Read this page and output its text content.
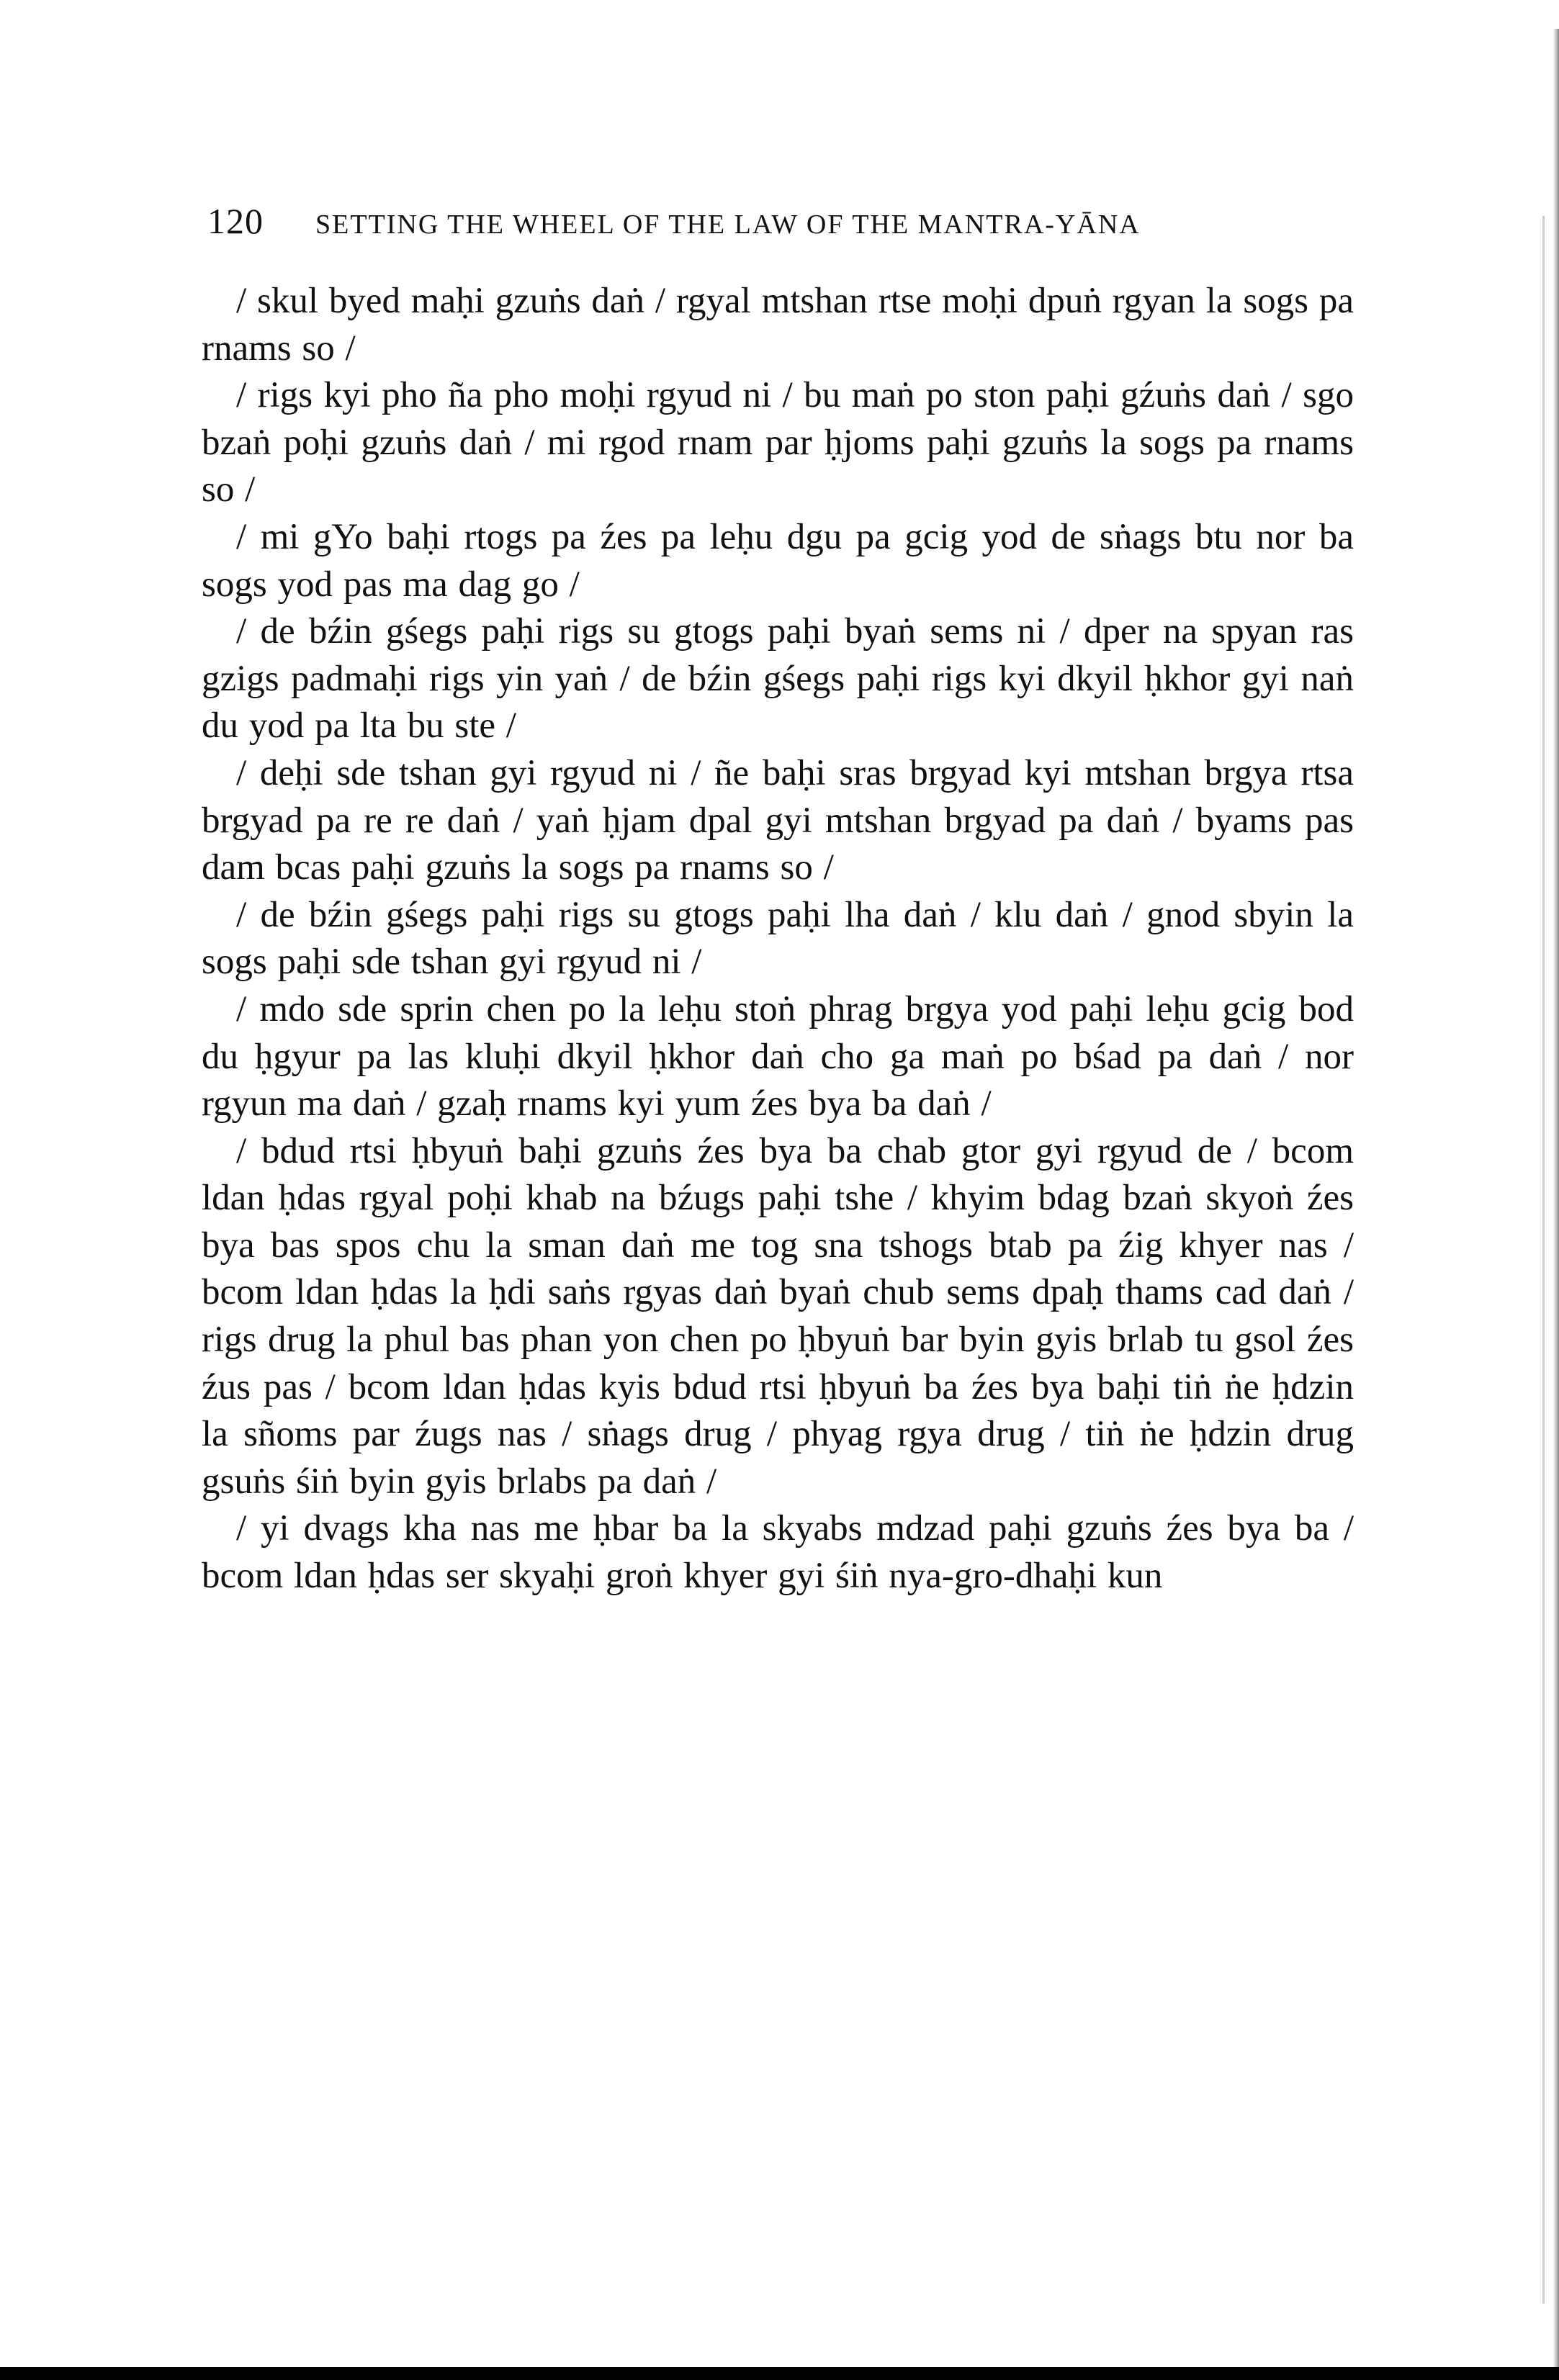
120 SETTING THE WHEEL OF THE LAW OF THE MANTRA-YĀNA

/ skul byed maḥi gzuṅs daṅ / rgyal mtshan rtse moḥi dpuṅ rgyan la sogs pa rnams so /

/ rigs kyi pho ña pho moḥi rgyud ni / bu maṅ po ston paḥi gźuṅs daṅ / sgo bzaṅ poḥi gzuṅs daṅ / mi rgod rnam par ḥjoms paḥi gzuṅs la sogs pa rnams so /

/ mi gYo baḥi rtogs pa źes pa leḥu dgu pa gcig yod de sṅags btu nor ba sogs yod pas ma dag go /

/ de bźin gśegs paḥi rigs su gtogs paḥi byaṅ sems ni / dper na spyan ras gzigs padmaḥi rigs yin yaṅ / de bźin gśegs paḥi rigs kyi dkyil ḥkhor gyi naṅ du yod pa lta bu ste /

/ deḥi sde tshan gyi rgyud ni / ñe baḥi sras brgyad kyi mtshan brgya rtsa brgyad pa re re daṅ / yaṅ ḥjam dpal gyi mtshan brgyad pa daṅ / byams pas dam bcas paḥi gzuṅs la sogs pa rnams so /

/ de bźin gśegs paḥi rigs su gtogs paḥi lha daṅ / klu daṅ / gnod sbyin la sogs paḥi sde tshan gyi rgyud ni /

/ mdo sde sprin chen po la leḥu stoṅ phrag brgya yod paḥi leḥu gcig bod du ḥgyur pa las kluḥi dkyil ḥkhor daṅ cho ga maṅ po bśad pa daṅ / nor rgyun ma daṅ / gzaḥ rnams kyi yum źes bya ba daṅ /

/ bdud rtsi ḥbyuṅ baḥi gzuṅs źes bya ba chab gtor gyi rgyud de / bcom ldan ḥdas rgyal poḥi khab na bźugs paḥi tshe / khyim bdag bzaṅ skyoṅ źes bya bas spos chu la sman daṅ me tog sna tshogs btab pa źig khyer nas / bcom ldan ḥdas la ḥdi saṅs rgyas daṅ byaṅ chub sems dpaḥ thams cad daṅ / rigs drug la phul bas phan yon chen po ḥbyuṅ bar byin gyis brlab tu gsol źes źus pas / bcom ldan ḥdas kyis bdud rtsi ḥbyuṅ ba źes bya baḥi tiṅ ṅe ḥdzin la sñoms par źugs nas / sṅags drug / phyag rgya drug / tiṅ ṅe ḥdzin drug gsuṅs śiṅ byin gyis brlabs pa daṅ /

/ yi dvags kha nas me ḥbar ba la skyabs mdzad paḥi gzuṅs źes bya ba / bcom ldan ḥdas ser skyaḥi groṅ khyer gyi śiṅ nya-gro-dhaḥi kun
